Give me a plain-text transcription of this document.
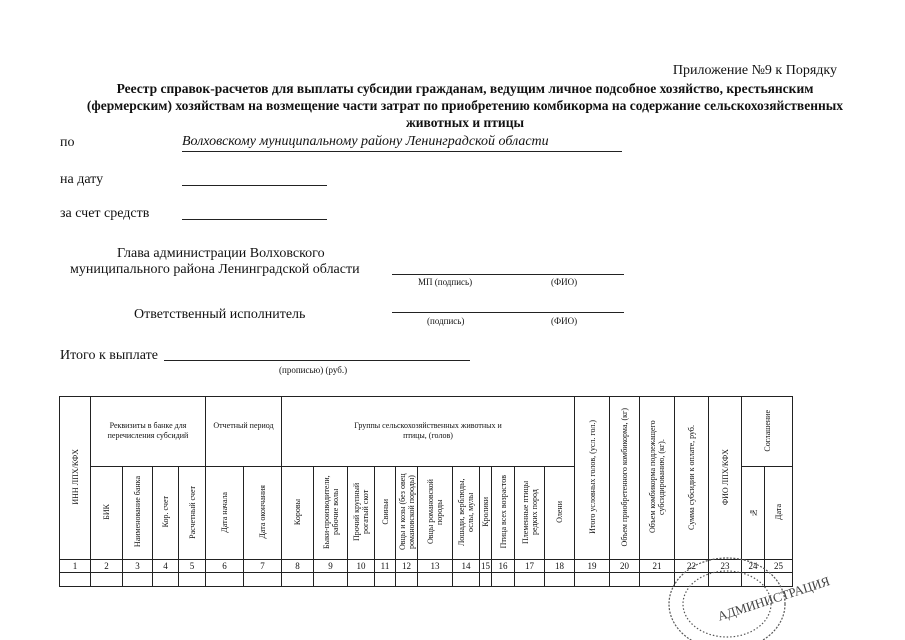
Приложение №9 к Порядку
Реестр справок-расчетов для выплаты субсидии гражданам, ведущим личное подсобное хозяйство, крестьянским (фермерским) хозяйствам на возмещение части затрат по приобретению комбикорма на содержание сельскохозяйственных животных и птицы
по	Волховскому муниципальному району Ленинградской области
на дату
за счет средств
Глава администрации Волховского
муниципального района Ленинградской области
МП (подпись)	(ФИО)
Ответственный исполнитель	(подпись)	(ФИО)
Итого к выплате
(прописью) (руб.)
ИНН ЛПХ/КФХ	Реквизиты в банке для перечисления субсидий				Отчетный период		Группы сельскохозяйственных животных и птицы, (голов)											Итого условных голов, (усл. гол.)	Объем приобретенного комбикорма, (кг)	Объем комбикорма подлежащего субсидированию, (кг).	Сумма субсидии к оплате, руб.	ФИО ЛПХ/КФХ	Соглашение	
	БИК	Наименование банка	Кор. счет	Расчетный счет	Дата начала	Дата окончания	Коровы	Быки-производители, рабочие волы	Прочий крупный рогатый скот	Свиньи	Овцы и козы (без овец романовской породы)	Овцы романовской породы	Лошади, верблюды, ослы, мулы	Кролики	Птица всех возрастов	Племенные птицы редких пород	Олени						№	Дата
1	2	3	4	5	6	7	8	9	10	11	12	13	14	15	16	17	18	19	20	21	22	23	24	25

АДМИНИСТРАЦИЯ
